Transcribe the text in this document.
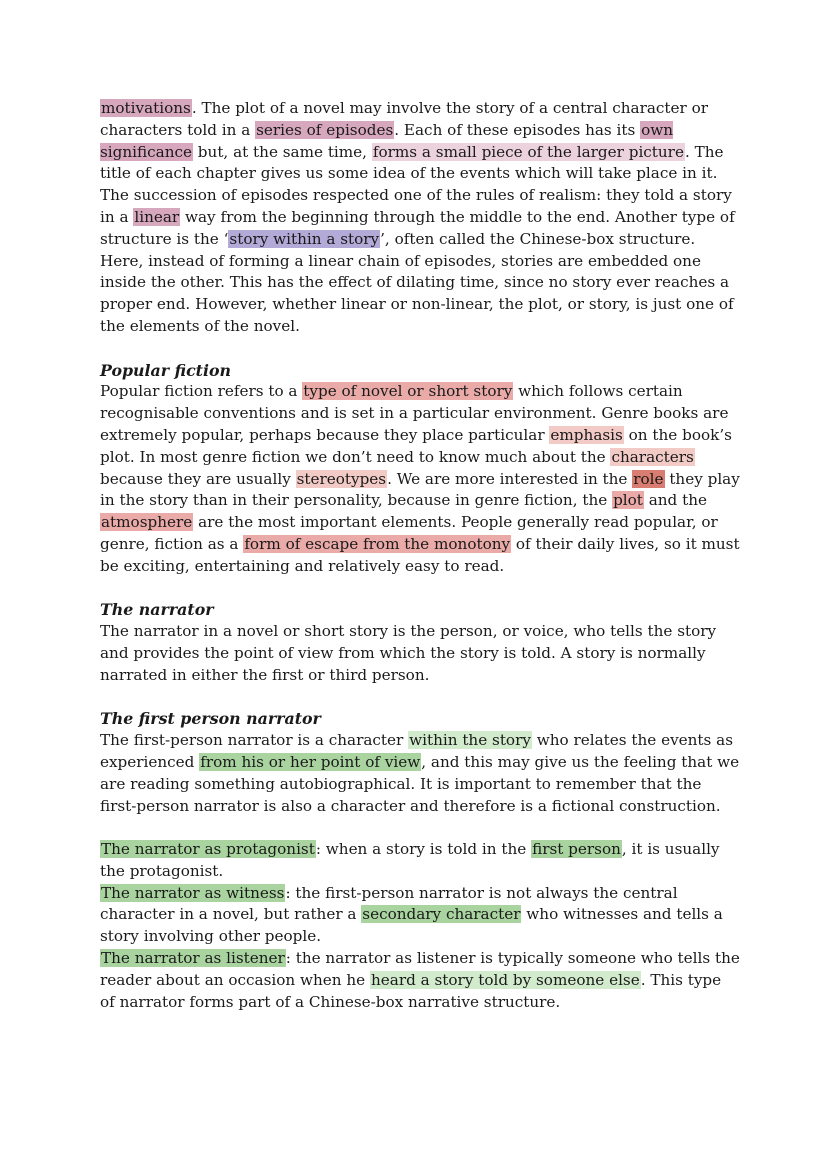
motivations. The plot of a novel may involve the story of a central character or characters told in a series of episodes. Each of these episodes has its own significance but, at the same time, forms a small piece of the larger picture. The title of each chapter gives us some idea of the events which will take place in it. The succession of episodes respected one of the rules of realism: they told a story in a linear way from the beginning through the middle to the end. Another type of structure is the ‘story within a story’, often called the Chinese-box structure. Here, instead of forming a linear chain of episodes, stories are embedded one inside the other. This has the effect of dilating time, since no story ever reaches a proper end. However, whether linear or non-linear, the plot, or story, is just one of the elements of the novel.

Popular fiction

Popular fiction refers to a type of novel or short story which follows certain recognisable conventions and is set in a particular environment. Genre books are extremely popular, perhaps because they place particular emphasis on the book’s plot. In most genre fiction we don’t need to know much about the characters because they are usually stereotypes. We are more interested in the role they play in the story than in their personality, because in genre fiction, the plot and the atmosphere are the most important elements. People generally read popular, or genre, fiction as a form of escape from the monotony of their daily lives, so it must be exciting, entertaining and relatively easy to read.

The narrator

The narrator in a novel or short story is the person, or voice, who tells the story and provides the point of view from which the story is told. A story is normally narrated in either the first or third person.

The first person narrator

The first-person narrator is a character within the story who relates the events as experienced from his or her point of view, and this may give us the feeling that we are reading something autobiographical. It is important to remember that the first-person narrator is also a character and therefore is a fictional construction.

The narrator as protagonist: when a story is told in the first person, it is usually the protagonist.

The narrator as witness: the first-person narrator is not always the central character in a novel, but rather a secondary character who witnesses and tells a story involving other people.

The narrator as listener: the narrator as listener is typically someone who tells the reader about an occasion when he heard a story told by someone else. This type of narrator forms part of a Chinese-box narrative structure.
